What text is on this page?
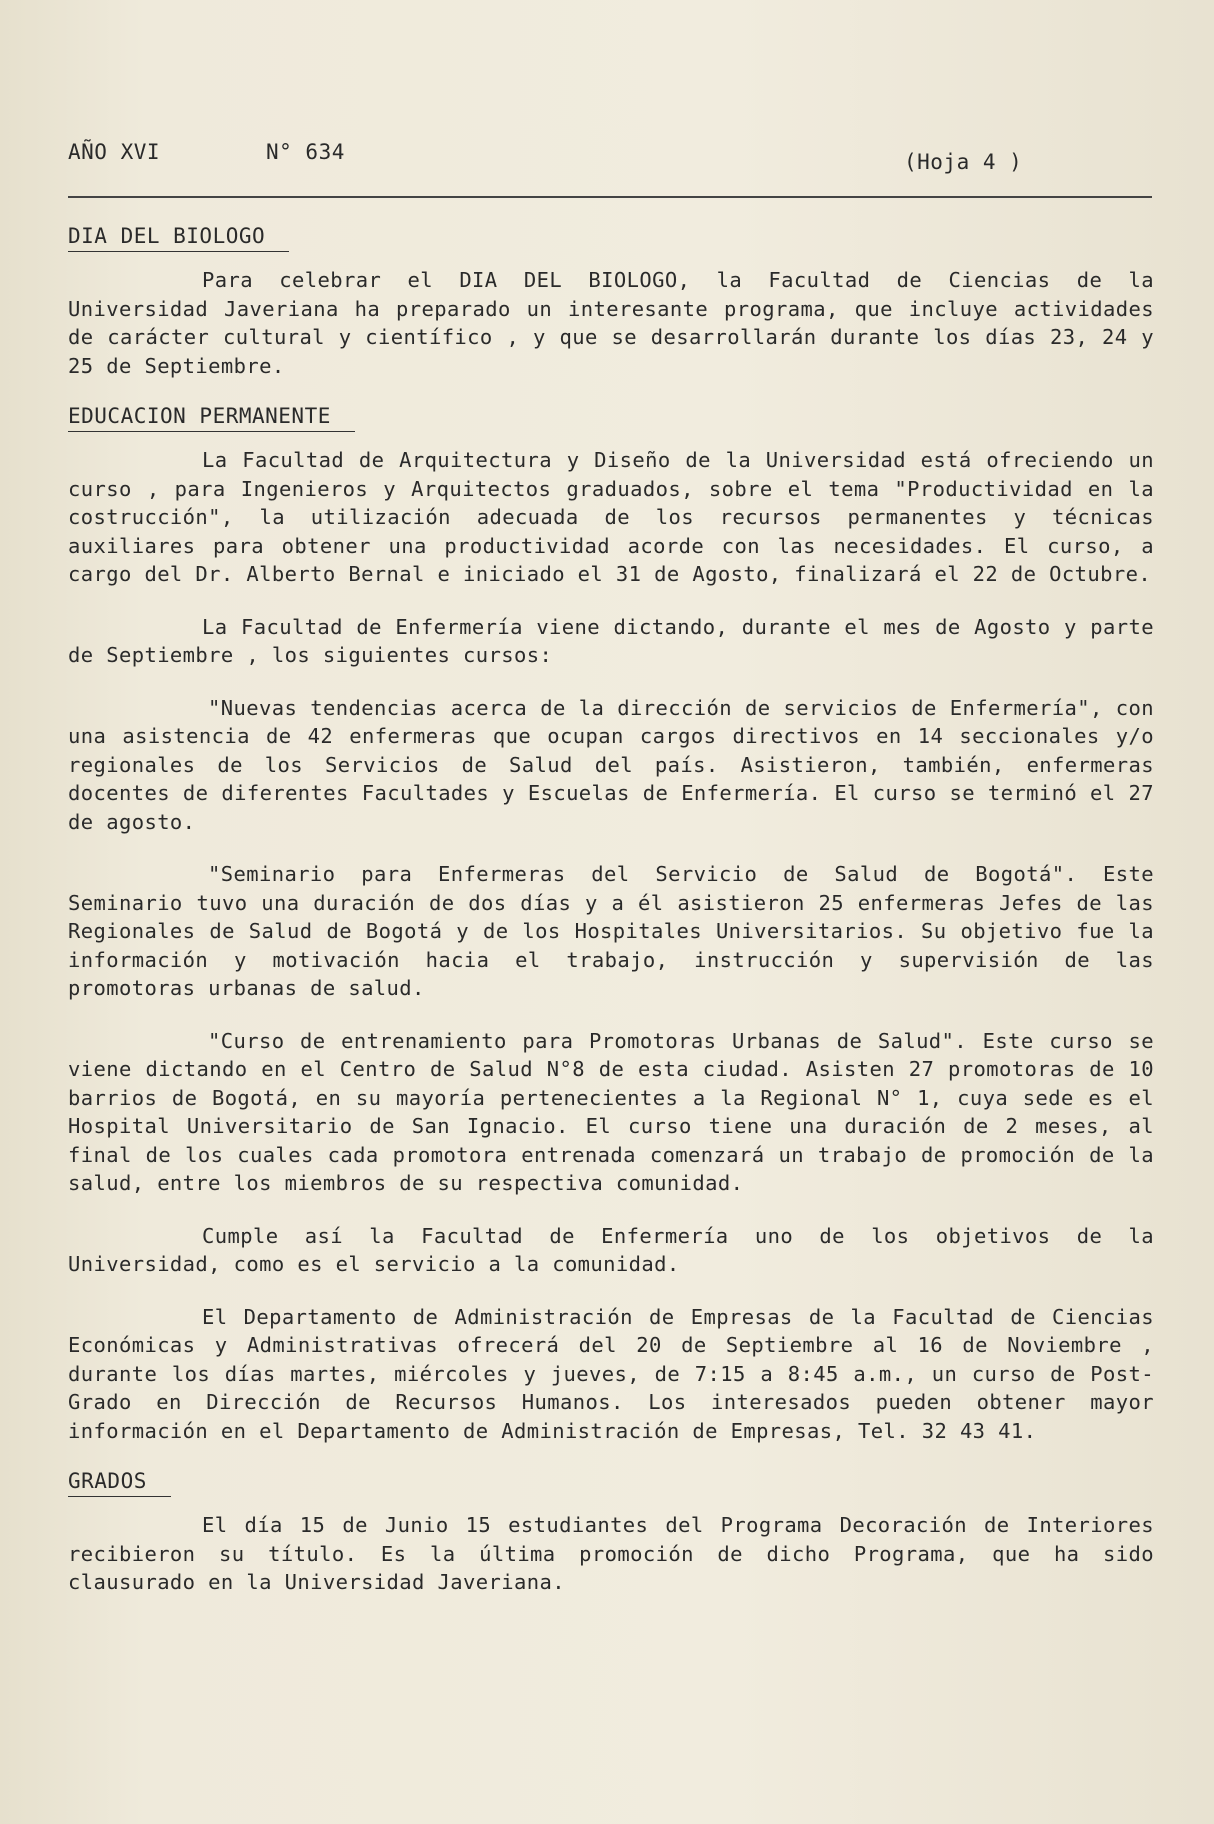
AÑO XVI	N° 634	(Hoja 4 )
DIA DEL BIOLOGO

Para celebrar el DIA DEL BIOLOGO, la Facultad de Ciencias de la Universidad Javeriana ha preparado un interesante programa, que incluye actividades de carácter cultural y científico , y que se desarrollarán durante los días 23, 24 y 25 de Septiembre.

EDUCACION PERMANENTE

La Facultad de Arquitectura y Diseño de la Universidad está ofreciendo un curso , para Ingenieros y Arquitectos graduados, sobre el tema "Productividad en la costrucción", la utilización adecuada de los recursos permanentes y técnicas auxiliares para obtener una productividad acorde con las necesidades. El curso, a cargo del Dr. Alberto Bernal e iniciado el 31 de Agosto, finalizará el 22 de Octubre.

La Facultad de Enfermería viene dictando, durante el mes de Agosto y parte de Septiembre , los siguientes cursos:

"Nuevas tendencias acerca de la dirección de servicios de Enfermería", con una asistencia de 42 enfermeras que ocupan cargos directivos en 14 seccionales y/o regionales de los Servicios de Salud del país. Asistieron, también, enfermeras docentes de diferentes Facultades y Escuelas de Enfermería. El curso se terminó el 27 de agosto.

"Seminario para Enfermeras del Servicio de Salud de Bogotá". Este Seminario tuvo una duración de dos días y a él asistieron 25 enfermeras Jefes de las Regionales de Salud de Bogotá y de los Hospitales Universitarios. Su objetivo fue la información y motivación hacia el trabajo, instrucción y supervisión de las promotoras urbanas de salud.

"Curso de entrenamiento para Promotoras Urbanas de Salud". Este curso se viene dictando en el Centro de Salud N°8 de esta ciudad. Asisten 27 promotoras de 10 barrios de Bogotá, en su mayoría pertenecientes a la Regional N° 1, cuya sede es el Hospital Universitario de San Ignacio. El curso tiene una duración de 2 meses, al final de los cuales cada promotora entrenada comenzará un trabajo de promoción de la salud, entre los miembros de su respectiva comunidad.

Cumple así la Facultad de Enfermería uno de los objetivos de la Universidad, como es el servicio a la comunidad.

El Departamento de Administración de Empresas de la Facultad de Ciencias Económicas y Administrativas ofrecerá del 20 de Septiembre al 16 de Noviembre , durante los días martes, miércoles y jueves, de 7:15 a 8:45 a.m., un curso de Post-Grado en Dirección de Recursos Humanos. Los interesados pueden obtener mayor información en el Departamento de Administración de Empresas, Tel. 32 43 41.

GRADOS

El día 15 de Junio 15 estudiantes del Programa Decoración de Interiores recibieron su título. Es la última promoción de dicho Programa, que ha sido clausurado en la Universidad Javeriana.
